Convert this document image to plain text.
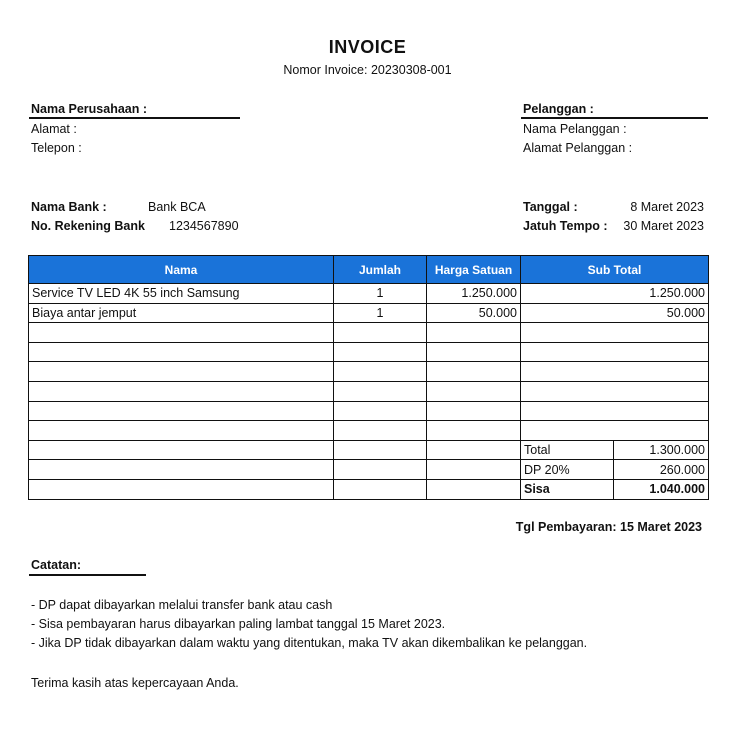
INVOICE
Nomor Invoice: 20230308-001
Nama Perusahaan :
Alamat :
Telepon :
Pelanggan :
Nama Pelanggan :
Alamat Pelanggan :
Nama Bank :	Bank BCA
No. Rekening Bank 1234567890
Tanggal :	8 Maret 2023
Jatuh Tempo : 30 Maret 2023
Nama	Jumlah	Harga Satuan	Sub Total	
Service TV LED 4K 55 inch Samsung	1	1.250.000	1.250.000	
Biaya antar jemput	1	50.000	50.000	

			Total	1.300.000
			DP 20%	260.000
			Sisa	1.040.000
Tgl Pembayaran: 15 Maret 2023
Catatan:
- DP dapat dibayarkan melalui transfer bank atau cash
- Sisa pembayaran harus dibayarkan paling lambat tanggal 15 Maret 2023.
- Jika DP tidak dibayarkan dalam waktu yang ditentukan, maka TV akan dikembalikan ke pelanggan.
Terima kasih atas kepercayaan Anda.
